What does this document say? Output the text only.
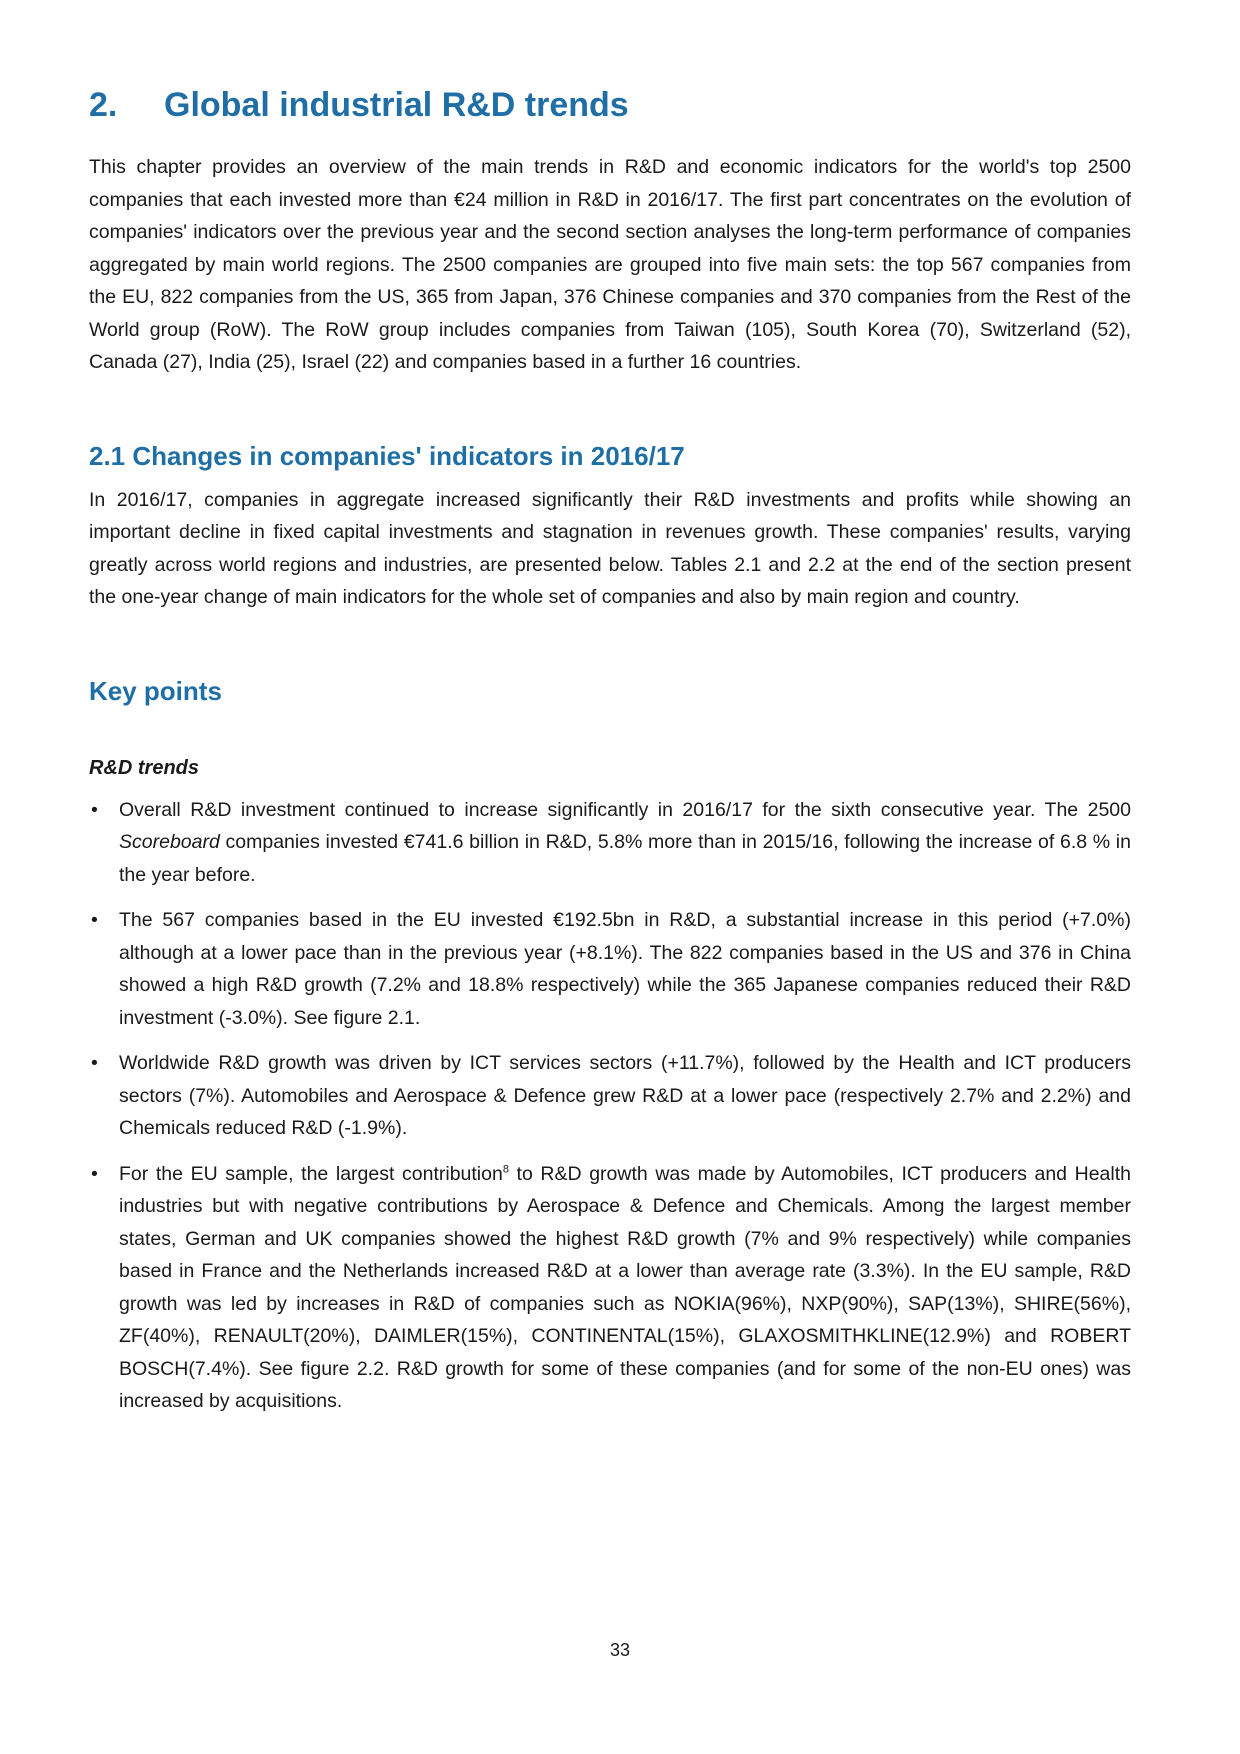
2.	Global industrial R&D trends

This chapter provides an overview of the main trends in R&D and economic indicators for the world's top 2500 companies that each invested more than €24 million in R&D in 2016/17. The first part concentrates on the evolution of companies' indicators over the previous year and the second section analyses the long-term performance of companies aggregated by main world regions. The 2500 companies are grouped into five main sets: the top 567 companies from the EU, 822 companies from the US, 365 from Japan, 376 Chinese companies and 370 companies from the Rest of the World group (RoW). The RoW group includes companies from Taiwan (105), South Korea (70), Switzerland (52), Canada (27), India (25), Israel (22) and companies based in a further 16 countries.

2.1 Changes in companies' indicators in 2016/17

In 2016/17, companies in aggregate increased significantly their R&D investments and profits while showing an important decline in fixed capital investments and stagnation in revenues growth. These companies' results, varying greatly across world regions and industries, are presented below. Tables 2.1 and 2.2 at the end of the section present the one-year change of main indicators for the whole set of companies and also by main region and country.

Key points
R&D trends
• Overall R&D investment continued to increase significantly in 2016/17 for the sixth consecutive year. The 2500 Scoreboard companies invested €741.6 billion in R&D, 5.8% more than in 2015/16, following the increase of 6.8 % in the year before.
• The 567 companies based in the EU invested €192.5bn in R&D, a substantial increase in this period (+7.0%) although at a lower pace than in the previous year (+8.1%). The 822 companies based in the US and 376 in China showed a high R&D growth (7.2% and 18.8% respectively) while the 365 Japanese companies reduced their R&D investment (-3.0%). See figure 2.1.
• Worldwide R&D growth was driven by ICT services sectors (+11.7%), followed by the Health and ICT producers sectors (7%). Automobiles and Aerospace & Defence grew R&D at a lower pace (respectively 2.7% and 2.2%) and Chemicals reduced R&D (-1.9%).
• For the EU sample, the largest contribution$^8$ to R&D growth was made by Automobiles, ICT producers and Health industries but with negative contributions by Aerospace & Defence and Chemicals. Among the largest member states, German and UK companies showed the highest R&D growth (7% and 9% respectively) while companies based in France and the Netherlands increased R&D at a lower than average rate (3.3%). In the EU sample, R&D growth was led by increases in R&D of companies such as NOKIA(96%), NXP(90%), SAP(13%), SHIRE(56%), ZF(40%), RENAULT(20%), DAIMLER(15%), CONTINENTAL(15%), GLAXOSMITHKLINE(12.9%) and ROBERT BOSCH(7.4%). See figure 2.2. R&D growth for some of these companies (and for some of the non-EU ones) was increased by acquisitions.
33
